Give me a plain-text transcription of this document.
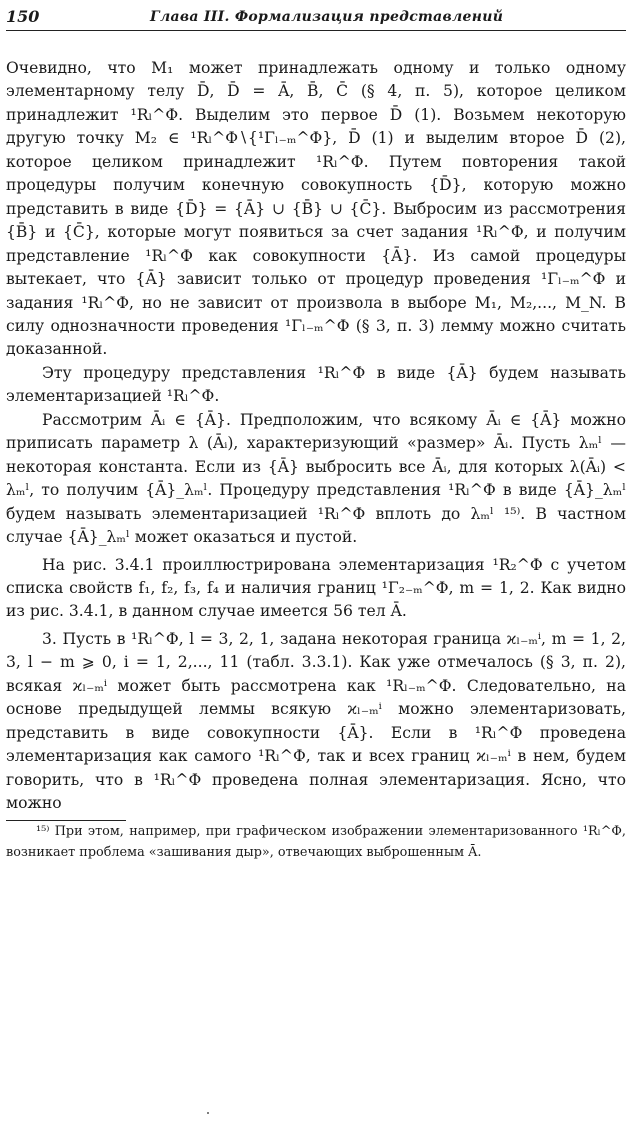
150	Глава III. Формализация представлений

Очевидно, что M₁ может принадлежать одному и только одному элементарному телу D̄, D̄ = Ā, B̄, C̄ (§ 4, п. 5), которое целиком принадлежит ¹Rₗ^Φ. Выделим это первое D̄ (1). Возьмем некоторую другую точку M₂ ∈ ¹Rₗ^Φ∖{¹Γₗ₋ₘ^Φ}, D̄ (1) и выделим второе D̄ (2), которое целиком принадлежит ¹Rₗ^Φ. Путем повторения такой процедуры получим конечную совокупность {D̄}, которую можно представить в виде {D̄} = {Ā} ∪ {B̄} ∪ {C̄}. Выбросим из рассмотрения {B̄} и {C̄}, которые могут появиться за счет задания ¹Rₗ^Φ, и получим представление ¹Rₗ^Φ как совокупности {Ā}. Из самой процедуры вытекает, что {Ā} зависит только от процедур проведения ¹Γₗ₋ₘ^Φ и задания ¹Rₗ^Φ, но не зависит от произвола в выборе M₁, M₂,..., M_N. В силу однозначности проведения ¹Γₗ₋ₘ^Φ (§ 3, п. 3) лемму можно считать доказанной.

Эту процедуру представления ¹Rₗ^Φ в виде {Ā} будем называть элементаризацией ¹Rₗ^Φ.

Рассмотрим Āᵢ ∈ {Ā}. Предположим, что всякому Āᵢ ∈ {Ā} можно приписать параметр λ (Āᵢ), характеризующий «размер» Āᵢ. Пусть λₘˡ — некоторая константа. Если из {Ā} выбросить все Āᵢ, для которых λ(Āᵢ) < λₘˡ, то получим {Ā}_λₘˡ. Процедуру представления ¹Rₗ^Φ в виде {Ā}_λₘˡ будем называть элементаризацией ¹Rₗ^Φ вплоть до λₘˡ ¹⁵⁾. В частном случае {Ā}_λₘˡ может оказаться и пустой.

На рис. 3.4.1 проиллюстрирована элементаризация ¹R₂^Φ с учетом списка свойств f₁, f₂, f₃, f₄ и наличия границ ¹Γ₂₋ₘ^Φ, m = 1, 2. Как видно из рис. 3.4.1, в данном случае имеется 56 тел Ā.

3. Пусть в ¹Rₗ^Φ, l = 3, 2, 1, задана некоторая граница ϰₗ₋ₘⁱ, m = 1, 2, 3, l − m ⩾ 0, i = 1, 2,..., 11 (табл. 3.3.1). Как уже отмечалось (§ 3, п. 2), всякая ϰₗ₋ₘⁱ может быть рассмотрена как ¹Rₗ₋ₘ^Φ. Следовательно, на основе предыдущей леммы всякую ϰₗ₋ₘⁱ можно элементаризовать, представить в виде совокупности {Ā}. Если в ¹Rₗ^Φ проведена элементаризация как самого ¹Rₗ^Φ, так и всех границ ϰₗ₋ₘⁱ в нем, будем говорить, что в ¹Rₗ^Φ проведена полная элементаризация. Ясно, что можно

¹⁵⁾ При этом, например, при графическом изображении элементаризованного ¹Rₗ^Φ, возникает проблема «зашивания дыр», отвечающих выброшенным Ā.
